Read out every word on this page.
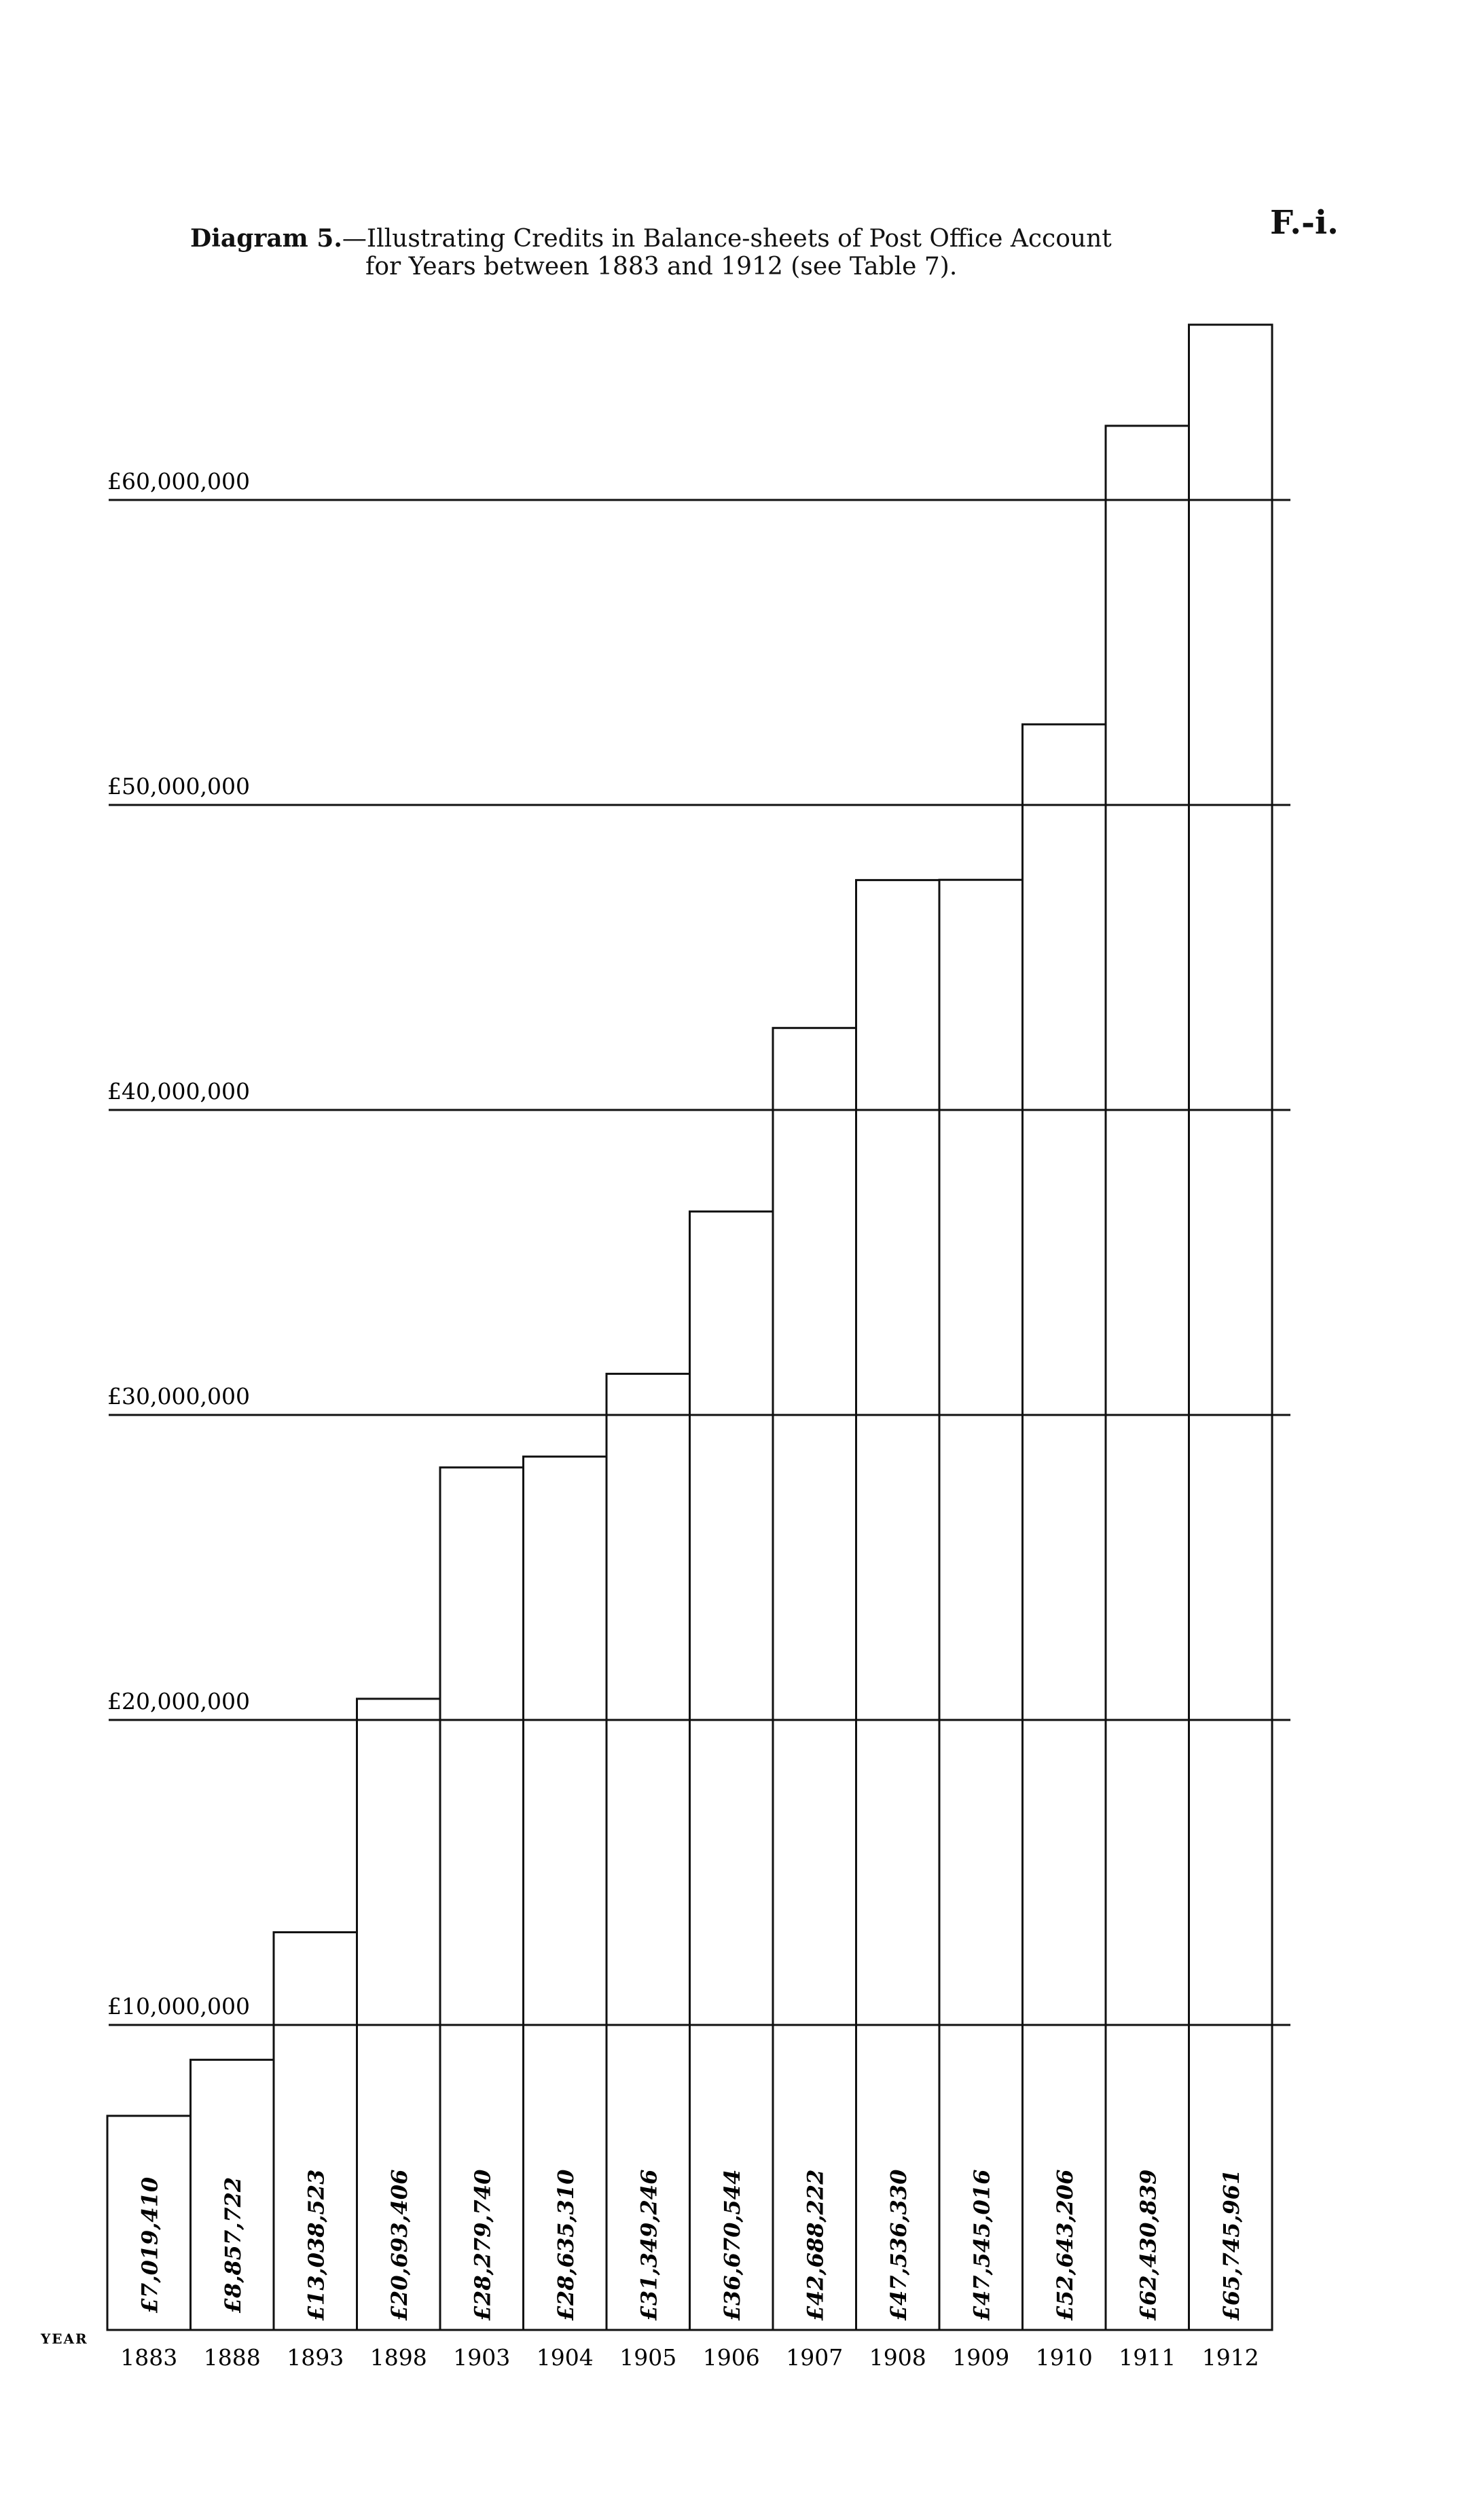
Diagram 5.—Illustrating Credits in Balance-sheets of Post Office Account
for Years between 1883 and 1912 (see Table 7).
F.-i.
£10,000,000
£20,000,000
£30,000,000
£40,000,000
£50,000,000
£60,000,000
£7,019,410	£8,857,722	£13,038,523	£20,693,406	£28,279,740	£28,635,310	£31,349,246	£36,670,544	£42,688,222	£47,536,330	£47,545,016	£52,643,206	£62,430,839	£65,745,961
1883 1888 1893 1898 1903 1904 1905 1906 1907 1908 1909 1910 1911 1912
YEAR
